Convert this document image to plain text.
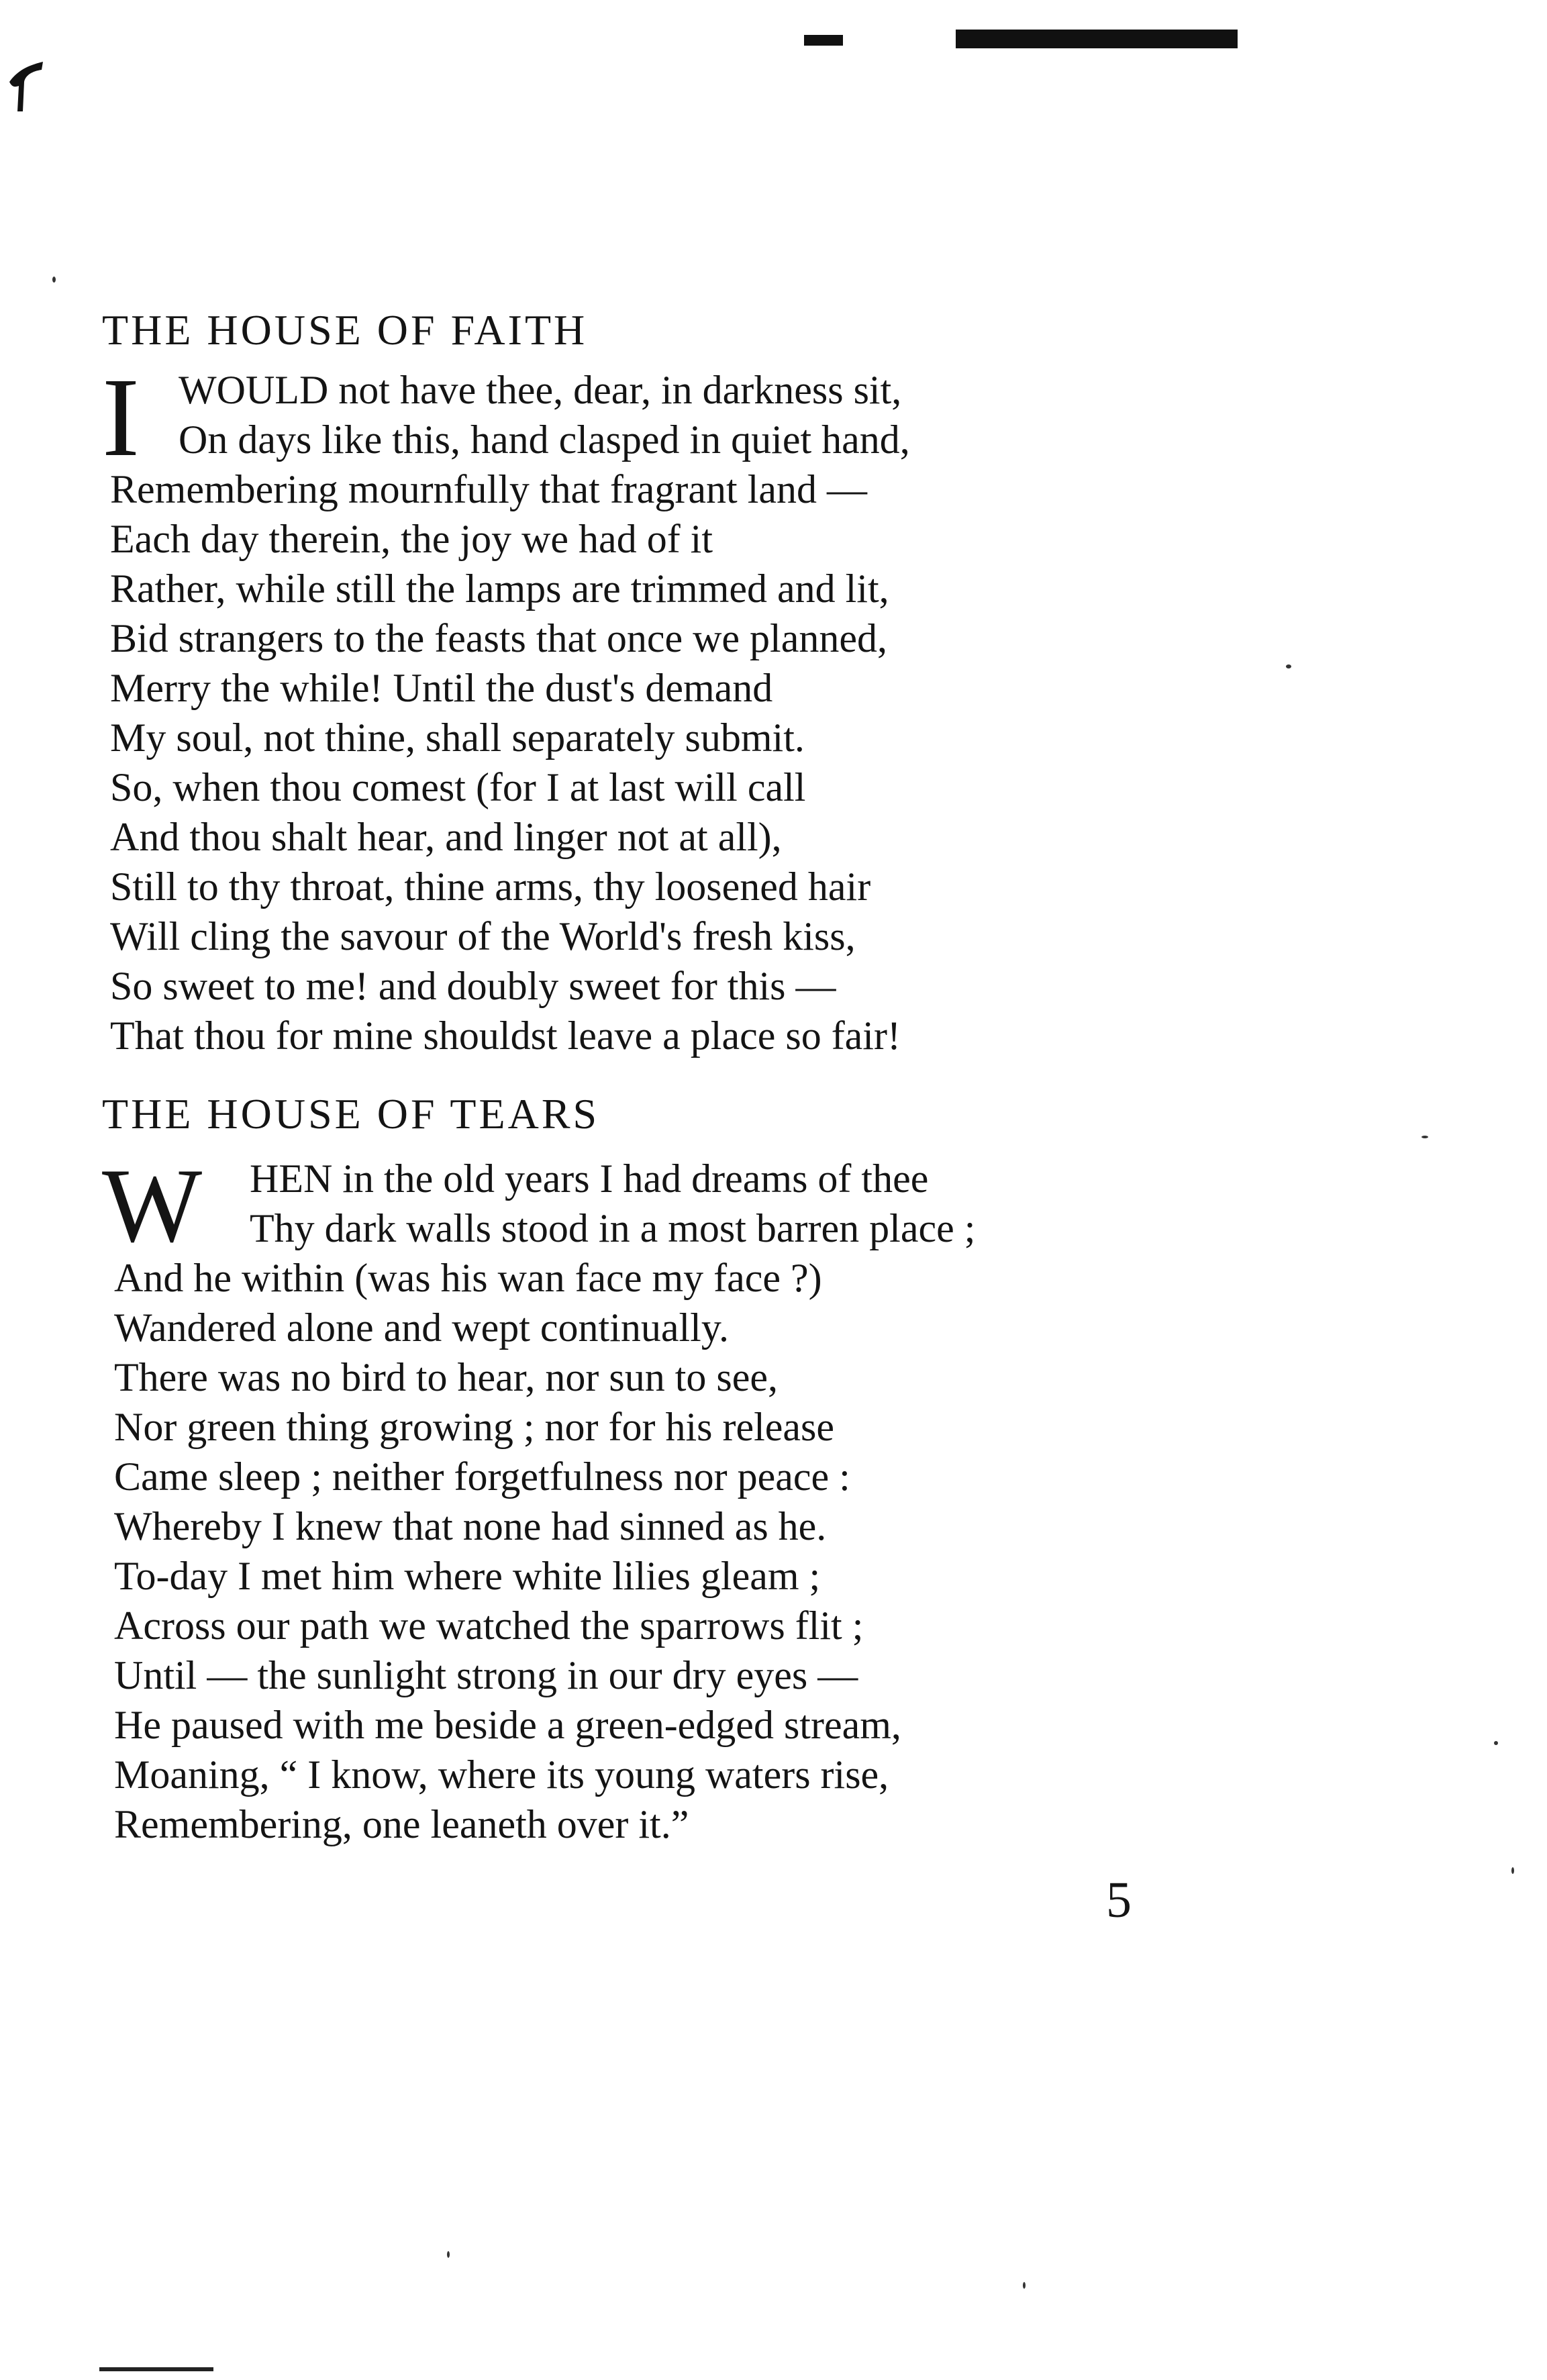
THE HOUSE OF FAITH
I WOULD not have thee, dear, in darkness sit,
On days like this, hand clasped in quiet hand,
Remembering mournfully that fragrant land —
Each day therein, the joy we had of it
Rather, while still the lamps are trimmed and lit,
Bid strangers to the feasts that once we planned,
Merry the while! Until the dust's demand
My soul, not thine, shall separately submit.
So, when thou comest (for I at last will call
And thou shalt hear, and linger not at all),
Still to thy throat, thine arms, thy loosened hair
Will cling the savour of the World's fresh kiss,
So sweet to me! and doubly sweet for this —
That thou for mine shouldst leave a place so fair!
THE HOUSE OF TEARS
W HEN in the old years I had dreams of thee
Thy dark walls stood in a most barren place ;
And he within (was his wan face my face ?)
Wandered alone and wept continually.
There was no bird to hear, nor sun to see,
Nor green thing growing ; nor for his release
Came sleep ; neither forgetfulness nor peace :
Whereby I knew that none had sinned as he.
To-day I met him where white lilies gleam ;
Across our path we watched the sparrows flit ;
Until — the sunlight strong in our dry eyes —
He paused with me beside a green-edged stream,
Moaning, “ I know, where its young waters rise,
Remembering, one leaneth over it.”
5
